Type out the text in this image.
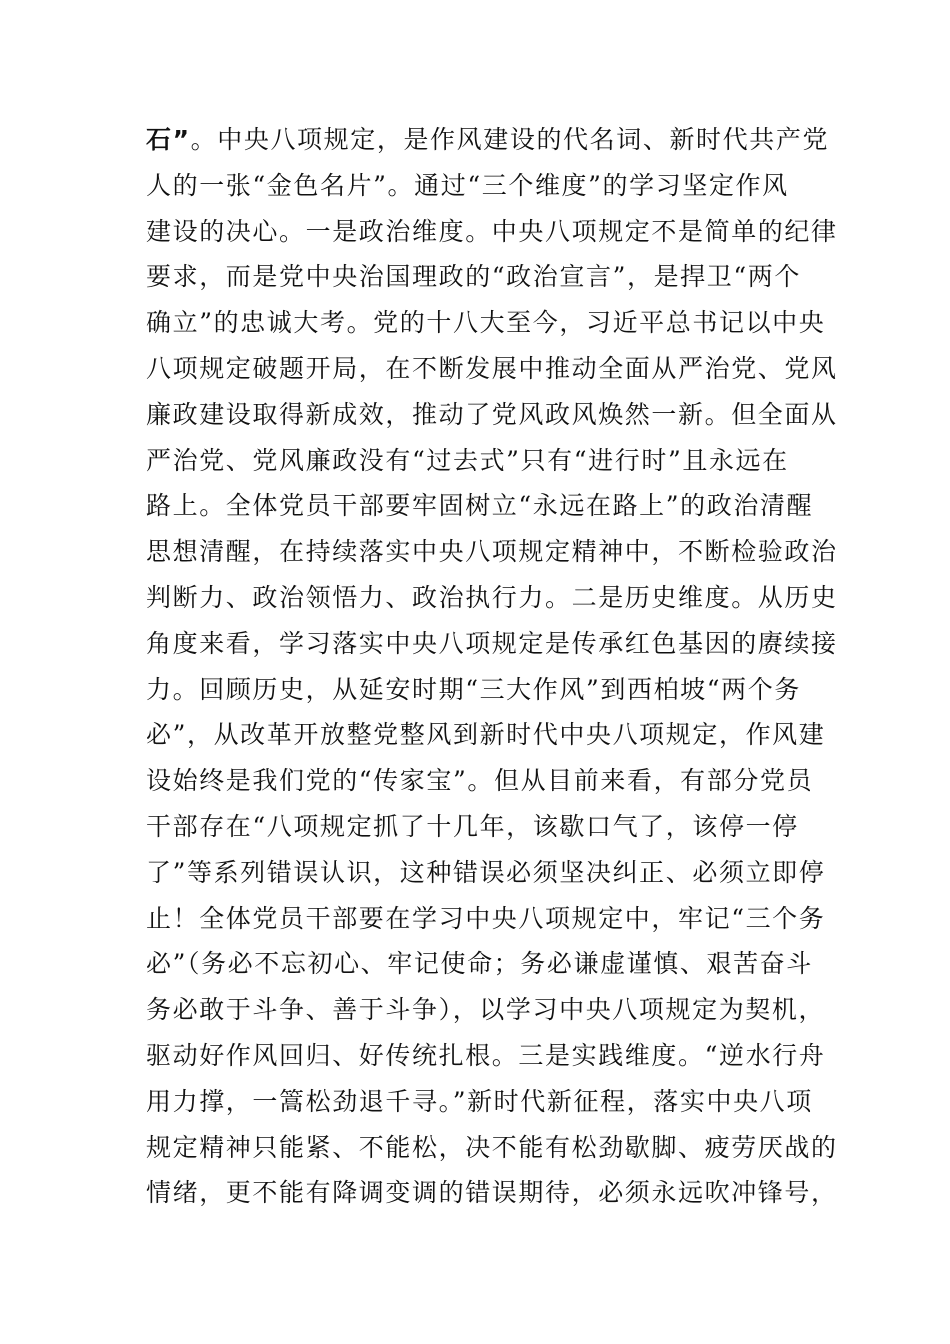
石”。中央八项规定，是作风建设的代名词、新时代共产党
人的一张“金色名片”。通过“三个维度”的学习坚定作风
建设的决心。一是政治维度。中央八项规定不是简单的纪律
要求，而是党中央治国理政的“政治宣言”，是捍卫“两个
确立”的忠诚大考。党的十八大至今，习近平总书记以中央
八项规定破题开局，在不断发展中推动全面从严治党、党风
廉政建设取得新成效，推动了党风政风焕然一新。但全面从
严治党、党风廉政没有“过去式”只有“进行时”且永远在
路上。全体党员干部要牢固树立“永远在路上”的政治清醒
思想清醒，在持续落实中央八项规定精神中，不断检验政治
判断力、政治领悟力、政治执行力。二是历史维度。从历史
角度来看，学习落实中央八项规定是传承红色基因的赓续接
力。回顾历史，从延安时期“三大作风”到西柏坡“两个务
必”，从改革开放整党整风到新时代中央八项规定，作风建
设始终是我们党的“传家宝”。但从目前来看，有部分党员
干部存在“八项规定抓了十几年，该歇口气了，该停一停
了”等系列错误认识，这种错误必须坚决纠正、必须立即停
止！全体党员干部要在学习中央八项规定中，牢记“三个务
必”（务必不忘初心、牢记使命；务必谦虚谨慎、艰苦奋斗
务必敢于斗争、善于斗争），以学习中央八项规定为契机，
驱动好作风回归、好传统扎根。三是实践维度。“逆水行舟
用力撑，一篙松劲退千寻。”新时代新征程，落实中央八项
规定精神只能紧、不能松，决不能有松劲歇脚、疲劳厌战的
情绪，更不能有降调变调的错误期待，必须永远吹冲锋号，
